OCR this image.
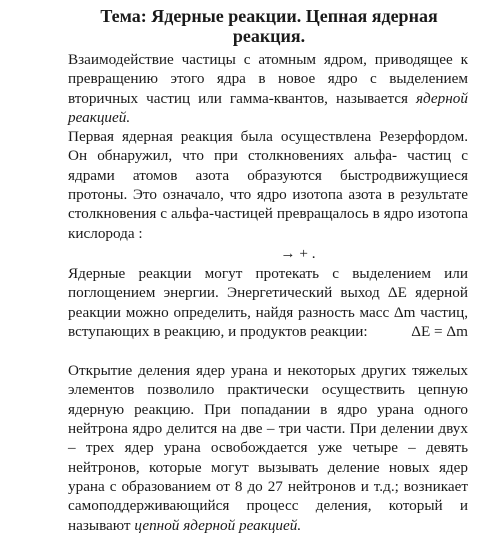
Тема: Ядерные реакции. Цепная ядерная реакция.

Взаимодействие частицы с атомным ядром, приводящее к превращению этого ядра в новое ядро с выделением вторичных частиц или гамма-квантов, называется ядерной реакцией.

Первая ядерная реакция была осуществлена Резерфордом. Он обнаружил, что при столкновениях альфа- частиц с ядрами атомов азота образуются быстродвижущиеся протоны. Это означало, что ядро изотопа азота в результате столкновения с альфа-частицей превращалось в ядро изотопа кислорода :

→ + .

Ядерные реакции могут протекать с выделением или поглощением энергии. Энергетический выход ΔE ядерной реакции можно определить, найдя разность масс Δm частиц, вступающих в реакцию, и продуктов реакции:	ΔE = Δm

Открытие деления ядер урана и некоторых других тяжелых элементов позволило практически осуществить цепную ядерную реакцию. При попадании в ядро урана одного нейтрона ядро делится на две – три части. При делении двух – трех ядер урана освобождается уже четыре – девять нейтронов, которые могут вызывать деление новых ядер урана с образованием от 8 до 27 нейтронов и т.д.; возникает самоподдерживающийся процесс деления, который и называют цепной ядерной реакцией.
